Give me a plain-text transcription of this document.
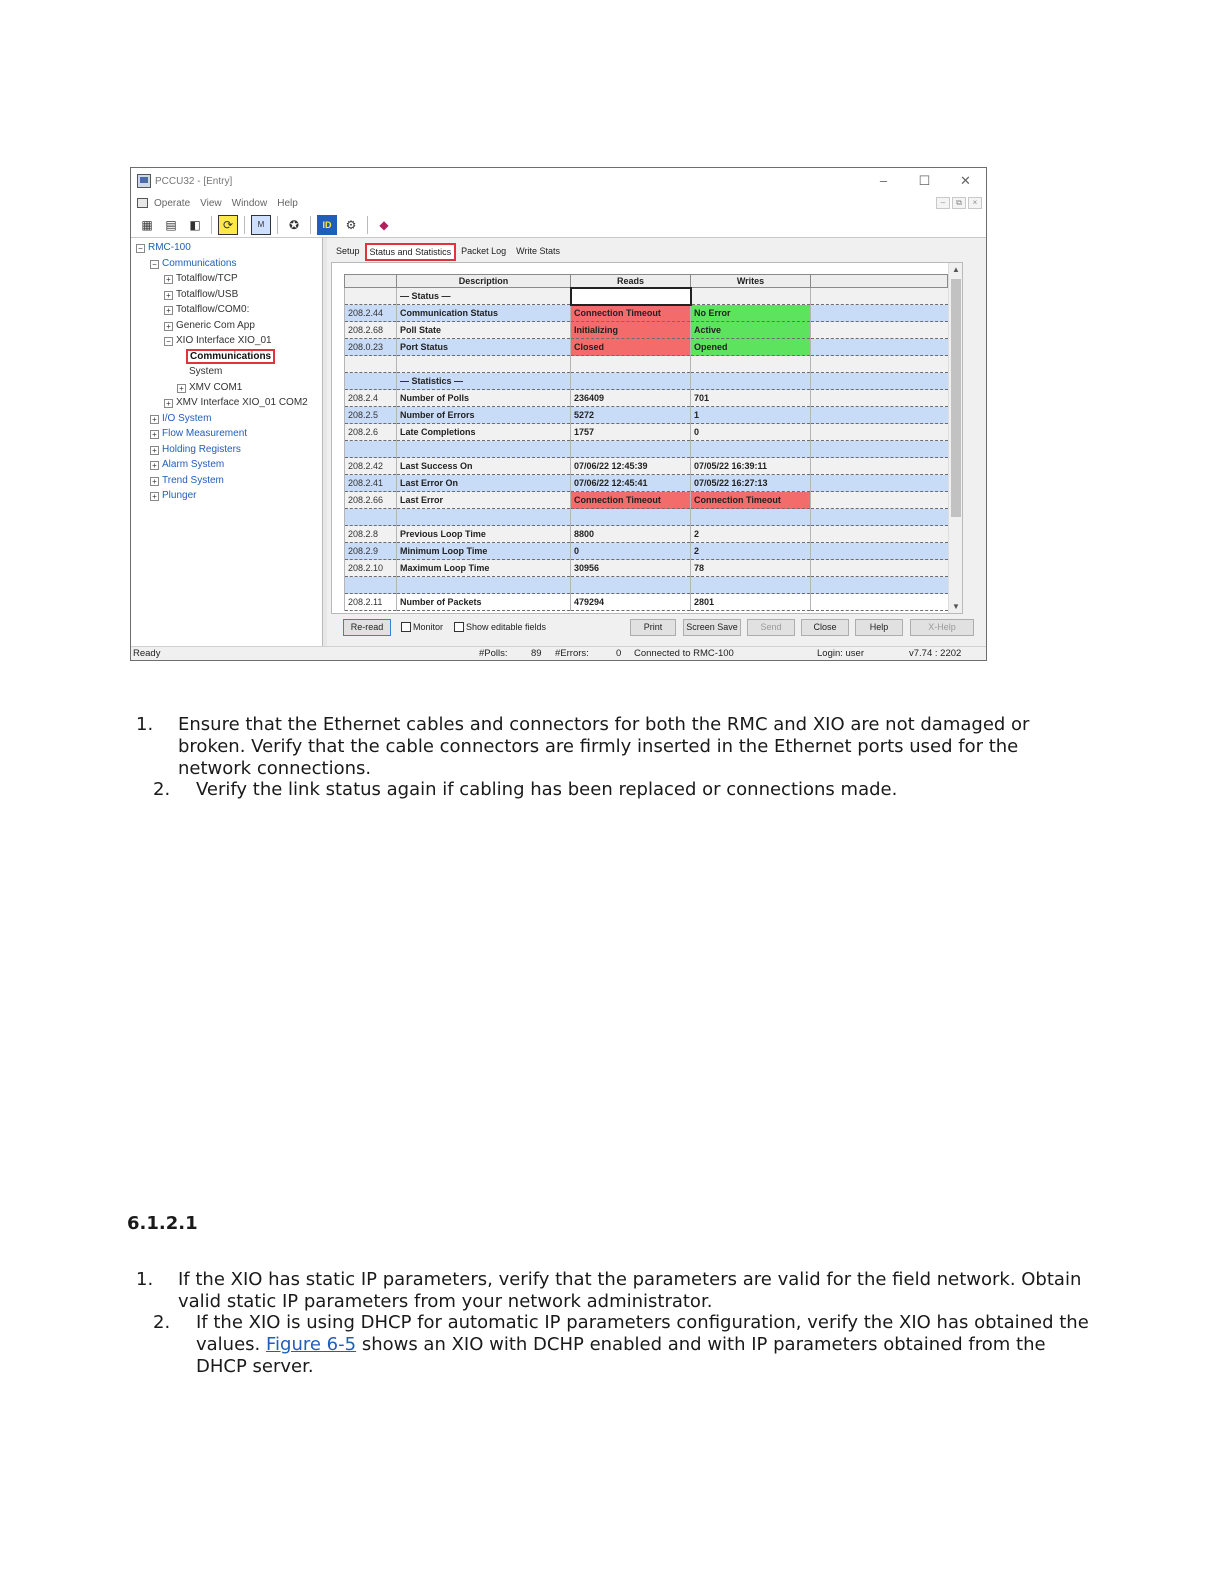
PCCU32 - [Entry]	–	☐	✕
Operate View Window Help	–	⧉	×
▦	▤	◧	⟳	M	✪	ID	⚙	◆
− RMC-100
− Communications
+ Totalflow/TCP
+ Totalflow/USB
+ Totalflow/COM0:
+ Generic Com App
− XIO Interface XIO_01
Communications
System
+ XMV COM1
+ XMV Interface XIO_01 COM2
+ I/O System
+ Flow Measurement
+ Holding Registers
+ Alarm System
+ Trend System
+ Plunger
Setup	Status and Statistics	Packet Log	Write Stats
	Description	Reads	Writes	
	— Status —			
208.2.44	Communication Status	Connection Timeout	No Error	
208.2.68	Poll State	Initializing	Active	
208.0.23	Port Status	Closed	Opened	

	— Statistics —			
208.2.4	Number of Polls	236409	701	
208.2.5	Number of Errors	5272	1	
208.2.6	Late Completions	1757	0	

208.2.42	Last Success On	07/06/22 12:45:39	07/05/22 16:39:11	
208.2.41	Last Error On	07/06/22 12:45:41	07/05/22 16:27:13	
208.2.66	Last Error	Connection Timeout	Connection Timeout	

208.2.8	Previous Loop Time	8800	2	
208.2.9	Minimum Loop Time	0	2	
208.2.10	Maximum Loop Time	30956	78	

208.2.11	Number of Packets	479294	2801	
▲
▼
Re-read	Monitor	Show editable fields	Print	Screen Save	Send	Close	Help	X-Help
Ready	#Polls: 89 #Errors:	0 Connected to RMC-100	Login: user	v7.74 : 2202
1.	Ensure that the Ethernet cables and connectors for both the RMC and XIO are not damaged or broken. Verify that the cable connectors are firmly inserted in the Ethernet ports used for the network connections.
2.	Verify the link status again if cabling has been replaced or connections made.
6.1.2.1
1.	If the XIO has static IP parameters, verify that the parameters are valid for the field network. Obtain valid static IP parameters from your network administrator.
2.	If the XIO is using DHCP for automatic IP parameters configuration, verify the XIO has obtained the values. Figure 6-5 shows an XIO with DCHP enabled and with IP parameters obtained from the DHCP server.
